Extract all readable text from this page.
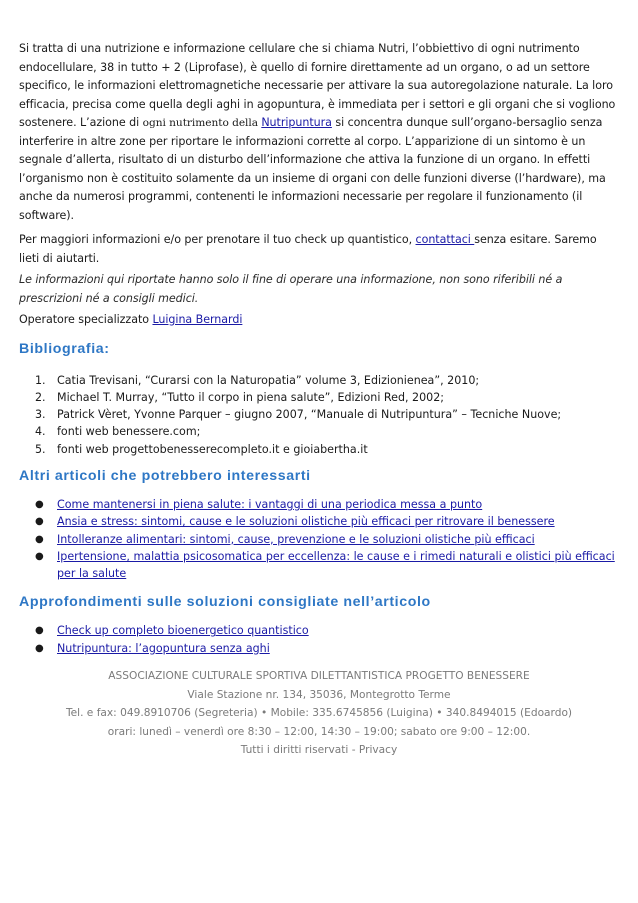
Si tratta di una nutrizione e informazione cellulare che si chiama Nutri, l’obbiettivo di ogni nutrimento endocellulare, 38 in tutto + 2 (Liprofase), è quello di fornire direttamente ad un organo, o ad un settore specifico, le informazioni elettromagnetiche necessarie per attivare la sua autoregolazione naturale. La loro efficacia, precisa come quella degli aghi in agopuntura, è immediata per i settori e gli organi che si vogliono sostenere. L’azione di ogni nutrimento della Nutripuntura si concentra dunque sull’organo-bersaglio senza interferire in altre zone per riportare le informazioni corrette al corpo. L’apparizione di un sintomo è un segnale d’allerta, risultato di un disturbo dell’informazione che attiva la funzione di un organo. In effetti l’organismo non è costituito solamente da un insieme di organi con delle funzioni diverse (l’hardware), ma anche da numerosi programmi, contenenti le informazioni necessarie per regolare il funzionamento (il software).

Per maggiori informazioni e/o per prenotare il tuo check up quantistico, contattaci senza esitare. Saremo lieti di aiutarti.

Le informazioni qui riportate hanno solo il fine di operare una informazione, non sono riferibili né a prescrizioni né a consigli medici.

Operatore specializzato Luigina Bernardi

Bibliografia:
1. Catia Trevisani, “Curarsi con la Naturopatia” volume 3, Edizionienea”, 2010;
2. Michael T. Murray, “Tutto il corpo in piena salute”, Edizioni Red, 2002;
3. Patrick Vèret, Yvonne Parquer – giugno 2007, “Manuale di Nutripuntura” – Tecniche Nuove;
4. fonti web benessere.com;
5. fonti web progettobenesserecompleto.it e gioiabertha.it
Altri articoli che potrebbero interessarti
● Come mantenersi in piena salute: i vantaggi di una periodica messa a punto
● Ansia e stress: sintomi, cause e le soluzioni olistiche più efficaci per ritrovare il benessere
● Intolleranze alimentari: sintomi, cause, prevenzione e le soluzioni olistiche più efficaci
● Ipertensione, malattia psicosomatica per eccellenza: le cause e i rimedi naturali e olistici più efficaci per la salute
Approfondimenti sulle soluzioni consigliate nell’articolo
● Check up completo bioenergetico quantistico
● Nutripuntura: l’agopuntura senza aghi
ASSOCIAZIONE CULTURALE SPORTIVA DILETTANTISTICA PROGETTO BENESSERE
Viale Stazione nr. 134, 35036, Montegrotto Terme
Tel. e fax: 049.8910706 (Segreteria) • Mobile: 335.6745856 (Luigina) • 340.8494015 (Edoardo)
orari: lunedì – venerdì ore 8:30 – 12:00, 14:30 – 19:00; sabato ore 9:00 – 12:00.
Tutti i diritti riservati - Privacy
